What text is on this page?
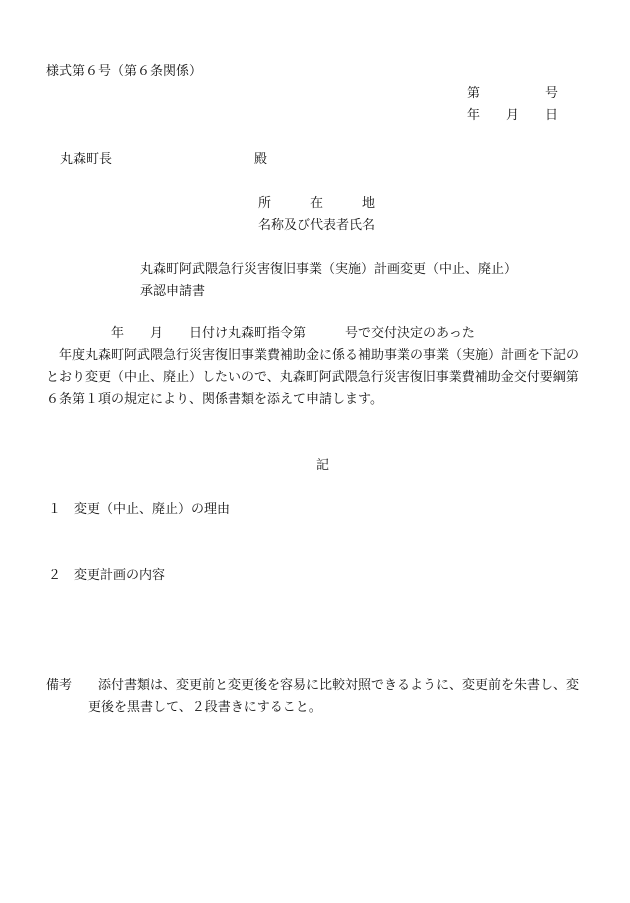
様式第６号（第６条関係）
第　　　　　号
年　　月　　日
丸森町長	殿
所　　　在　　　地
名称及び代表者氏名
丸森町阿武隈急行災害復旧事業（実施）計画変更（中止、廃止）
承認申請書

　　　　　年　　月　　日付け丸森町指令第　　　号で交付決定のあった

　年度丸森町阿武隈急行災害復旧事業費補助金に係る補助事業の事業（実施）計画を下記の

とおり変更（中止、廃止）したいので、丸森町阿武隈急行災害復旧事業費補助金交付要綱第

６条第１項の規定により、関係書類を添えて申請します。

記
１　変更（中止、廃止）の理由
２　変更計画の内容
備考　　添付書類は、変更前と変更後を容易に比較対照できるように、変更前を朱書し、変
更後を黒書して、２段書きにすること。
